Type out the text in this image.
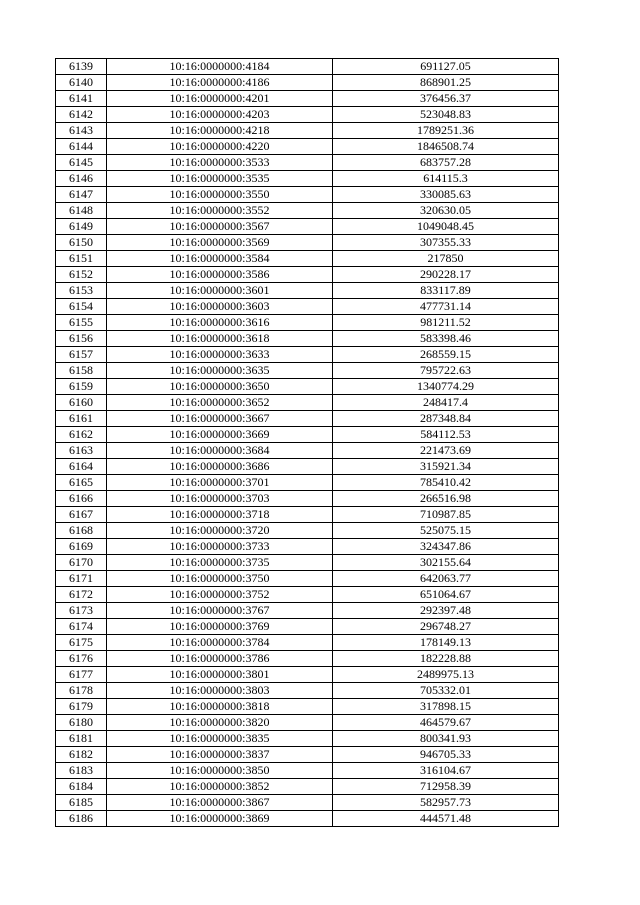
6139	10:16:0000000:4184	691127.05
6140	10:16:0000000:4186	868901.25
6141	10:16:0000000:4201	376456.37
6142	10:16:0000000:4203	523048.83
6143	10:16:0000000:4218	1789251.36
6144	10:16:0000000:4220	1846508.74
6145	10:16:0000000:3533	683757.28
6146	10:16:0000000:3535	614115.3
6147	10:16:0000000:3550	330085.63
6148	10:16:0000000:3552	320630.05
6149	10:16:0000000:3567	1049048.45
6150	10:16:0000000:3569	307355.33
6151	10:16:0000000:3584	217850
6152	10:16:0000000:3586	290228.17
6153	10:16:0000000:3601	833117.89
6154	10:16:0000000:3603	477731.14
6155	10:16:0000000:3616	981211.52
6156	10:16:0000000:3618	583398.46
6157	10:16:0000000:3633	268559.15
6158	10:16:0000000:3635	795722.63
6159	10:16:0000000:3650	1340774.29
6160	10:16:0000000:3652	248417.4
6161	10:16:0000000:3667	287348.84
6162	10:16:0000000:3669	584112.53
6163	10:16:0000000:3684	221473.69
6164	10:16:0000000:3686	315921.34
6165	10:16:0000000:3701	785410.42
6166	10:16:0000000:3703	266516.98
6167	10:16:0000000:3718	710987.85
6168	10:16:0000000:3720	525075.15
6169	10:16:0000000:3733	324347.86
6170	10:16:0000000:3735	302155.64
6171	10:16:0000000:3750	642063.77
6172	10:16:0000000:3752	651064.67
6173	10:16:0000000:3767	292397.48
6174	10:16:0000000:3769	296748.27
6175	10:16:0000000:3784	178149.13
6176	10:16:0000000:3786	182228.88
6177	10:16:0000000:3801	2489975.13
6178	10:16:0000000:3803	705332.01
6179	10:16:0000000:3818	317898.15
6180	10:16:0000000:3820	464579.67
6181	10:16:0000000:3835	800341.93
6182	10:16:0000000:3837	946705.33
6183	10:16:0000000:3850	316104.67
6184	10:16:0000000:3852	712958.39
6185	10:16:0000000:3867	582957.73
6186	10:16:0000000:3869	444571.48
